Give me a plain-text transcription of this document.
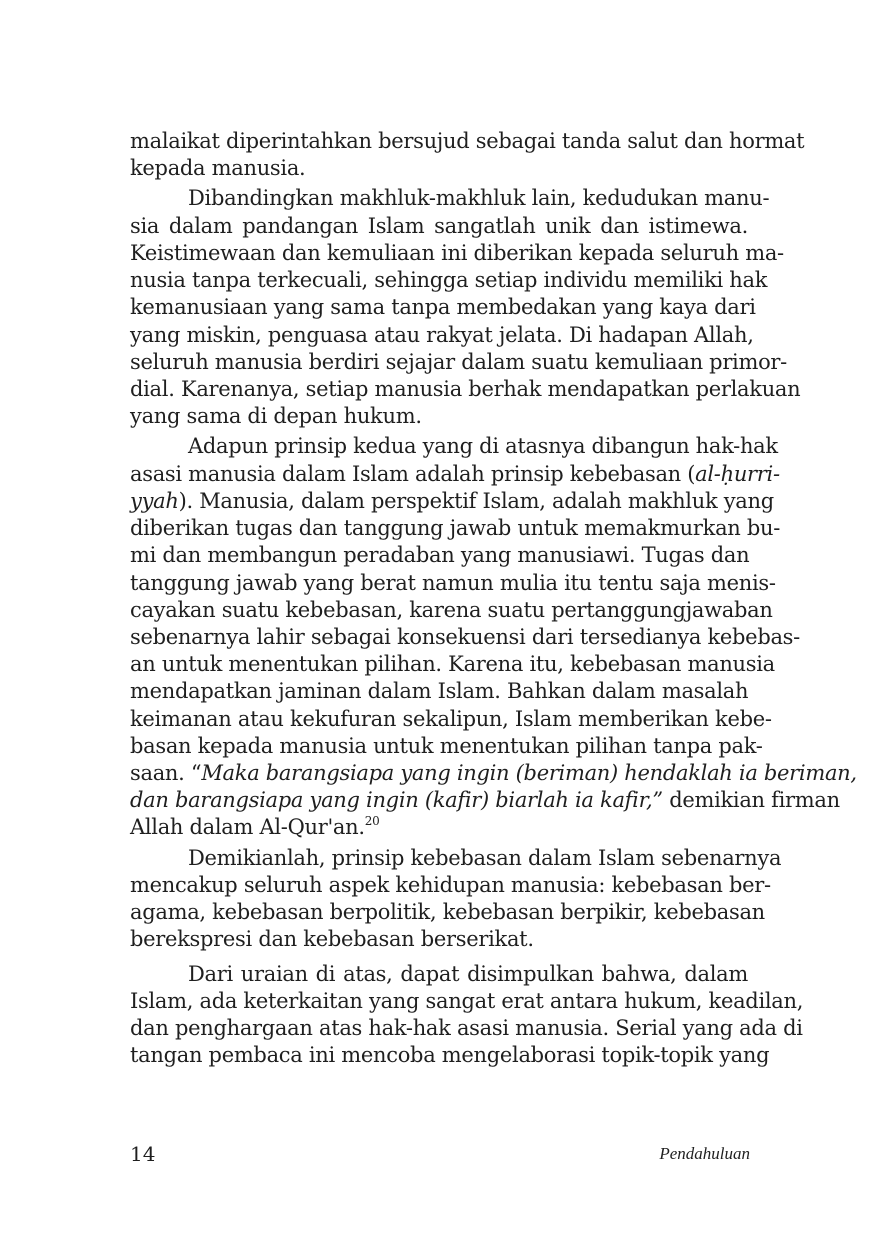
malaikat diperintahkan bersujud sebagai tanda salut dan hormat
kepada manusia.
Dibandingkan makhluk-makhluk lain, kedudukan manu-
sia dalam pandangan Islam sangatlah unik dan istimewa.
Keistimewaan dan kemuliaan ini diberikan kepada seluruh ma-
nusia tanpa terkecuali, sehingga setiap individu memiliki hak
kemanusiaan yang sama tanpa membedakan yang kaya dari
yang miskin, penguasa atau rakyat jelata. Di hadapan Allah,
seluruh manusia berdiri sejajar dalam suatu kemuliaan primor-
dial. Karenanya, setiap manusia berhak mendapatkan perlakuan
yang sama di depan hukum.
Adapun prinsip kedua yang di atasnya dibangun hak-hak
asasi manusia dalam Islam adalah prinsip kebebasan (al-ḥurri-
yyah). Manusia, dalam perspektif Islam, adalah makhluk yang
diberikan tugas dan tanggung jawab untuk memakmurkan bu-
mi dan membangun peradaban yang manusiawi. Tugas dan
tanggung jawab yang berat namun mulia itu tentu saja menis-
cayakan suatu kebebasan, karena suatu pertanggungjawaban
sebenarnya lahir sebagai konsekuensi dari tersedianya kebebas-
an untuk menentukan pilihan. Karena itu, kebebasan manusia
mendapatkan jaminan dalam Islam. Bahkan dalam masalah
keimanan atau kekufuran sekalipun, Islam memberikan kebe-
basan kepada manusia untuk menentukan pilihan tanpa pak-
saan. “Maka barangsiapa yang ingin (beriman) hendaklah ia beriman,
dan barangsiapa yang ingin (kafir) biarlah ia kafir,” demikian firman
Allah dalam Al-Qur'an.$^{20}$
Demikianlah, prinsip kebebasan dalam Islam sebenarnya
mencakup seluruh aspek kehidupan manusia: kebebasan ber-
agama, kebebasan berpolitik, kebebasan berpikir, kebebasan
berekspresi dan kebebasan berserikat.
Dari uraian di atas, dapat disimpulkan bahwa, dalam
Islam, ada keterkaitan yang sangat erat antara hukum, keadilan,
dan penghargaan atas hak-hak asasi manusia. Serial yang ada di
tangan pembaca ini mencoba mengelaborasi topik-topik yang
14	Pendahuluan
